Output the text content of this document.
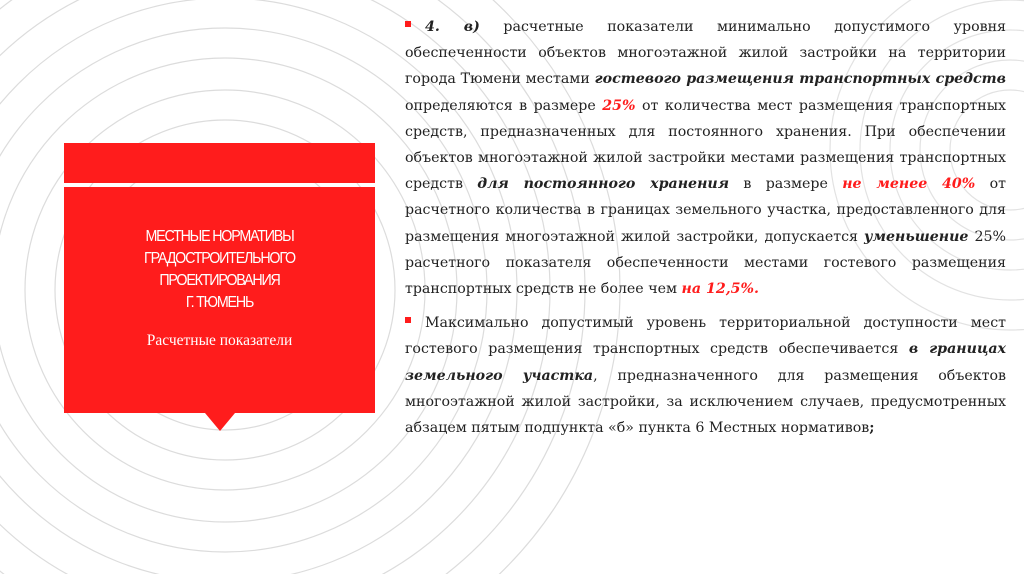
МЕСТНЫЕ НОРМАТИВЫ
ГРАДОСТРОИТЕЛЬНОГО
ПРОЕКТИРОВАНИЯ
Г. ТЮМЕНЬ
Расчетные показатели

4. в) расчетные показатели минимально допустимого уровня обеспеченности объектов многоэтажной жилой застройки на территории города Тюмени местами гостевого размещения транспортных средств определяются в размере 25% от количества мест размещения транспортных средств, предназначенных для постоянного хранения. При обеспечении объектов многоэтажной жилой застройки местами размещения транспортных средств для постоянного хранения в размере не менее 40% от расчетного количества в границах земельного участка, предоставленного для размещения многоэтажной жилой застройки, допускается уменьшение 25% расчетного показателя обеспеченности местами гостевого размещения транспортных средств не более чем на 12,5%.

Максимально допустимый уровень территориальной доступности мест гостевого размещения транспортных средств обеспечивается в границах земельного участка, предназначенного для размещения объектов многоэтажной жилой застройки, за исключением случаев, предусмотренных абзацем пятым подпункта «б» пункта 6 Местных нормативов;
